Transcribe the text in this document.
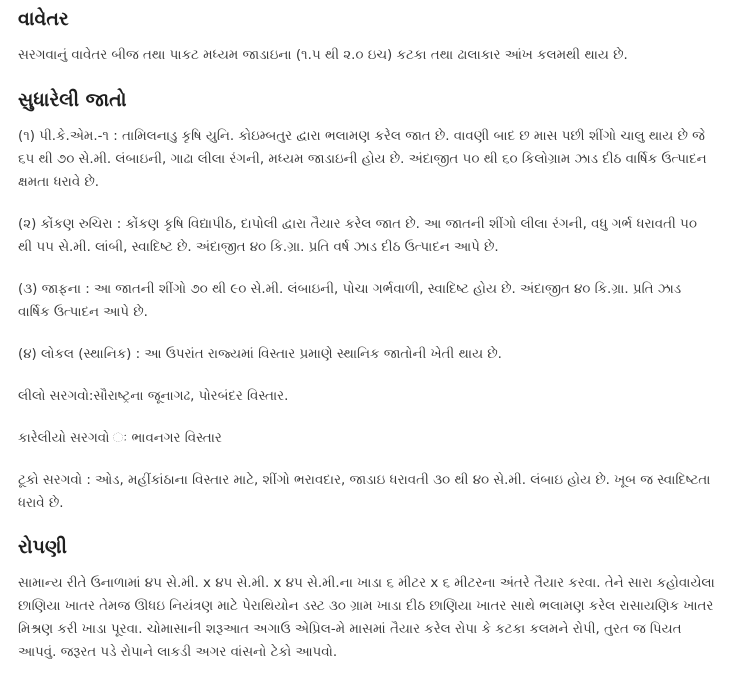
વાવેતર

સરગવાનું વાવેતર બીજ તથા પાકટ મધ્યમ જાડાઇના (૧.૫ થી ૨.૦ ઇચ) કટકા તથા ઢાલાકાર આંખ કલમથી થાય છે.

સુધારેલી જાતો

(૧) પી.કે.એમ.-૧ : તામિલનાડુ કૃષિ યુનિ. કોઇમ્બતુર દ્વારા ભલામણ કરેલ જાત છે. વાવણી બાદ છ માસ પછી શીંગો ચાલુ થાય છે જે ૬૫ થી ૭૦ સે.મી. લંબાઇની, ગાઢા લીલા રંગની, મધ્યમ જાડાઇની હોય છે. અંદાજીત ૫૦ થી ૬૦ કિલોગ્રામ ઝાડ દીઠ વાર્ષિક ઉત્પાદન ક્ષમતા ધરાવે છે.

(૨) કોંકણ રુચિરા : કોંકણ કૃષિ વિદ્યાપીઠ, દાપોલી દ્વારા તૈયાર કરેલ જાત છે. આ જાતની શીંગો લીલા રંગની, વધુ ગર્ભ ધરાવતી ૫૦ થી ૫૫ સે.મી. લાંબી, સ્વાદિષ્ટ છે. અંદાજીત ૪૦ કિ.ગ્રા. પ્રતિ વર્ષ ઝાડ દીઠ ઉત્પાદન આપે છે.

(૩) જાફના : આ જાતની શીંગો ૭૦ થી ૯૦ સે.મી. લંબાઇની, પોચા ગર્ભવાળી, સ્વાદિષ્ટ હોય છે. અંદાજીત ૪૦ કિ.ગ્રા. પ્રતિ ઝાડ વાર્ષિક ઉત્પાદન આપે છે.

(૪) લોકલ (સ્થાનિક) : આ ઉપરાંત રાજ્યમાં વિસ્તાર પ્રમાણે સ્થાનિક જાતોની ખેતી થાય છે.

લીલો સરગવો:સૌરાષ્ટ્રના જૂનાગઢ, પોરબંદર વિસ્તાર.

કારેલીયો સરગવો ઃ ભાવનગર વિસ્તાર

ટૂકો સરગવો : ઓડ, મહીંકાંઠાના વિસ્તાર માટે, શીંગો ભરાવદાર, જાડાઇ ધરાવતી ૩૦ થી ૪૦ સે.મી. લંબાઇ હોય છે. ખૂબ જ સ્વાદિષ્ટતા ધરાવે છે.

રોપણી

સામાન્ય રીતે ઉનાળામાં ૪૫ સે.મી. x ૪૫ સે.મી. x ૪૫ સે.મી.ના ખાડા ૬ મીટર x ૬ મીટરના અંતરે તૈયાર કરવા. તેને સારા કહોવાયેલા છાણિયા ખાતર તેમજ ઊધઇ નિયંત્રણ માટે પેરાથિયોન ડસ્ટ ૩૦ ગ્રામ ખાડા દીઠ છાણિયા ખાતર સાથે ભલામણ કરેલ રાસાયણિક ખાતર મિશ્રણ કરી ખાડા પૂરવા. ચોમાસાની શરૂઆત અગાઉ એપ્રિલ-મે માસમાં તૈયાર કરેલ રોપા કે કટકા કલમને રોપી, તુરત જ પિયત આપવું. જરૂરત પડે રોપાને લાકડી અગર વાંસનો ટેકો આપવો.
